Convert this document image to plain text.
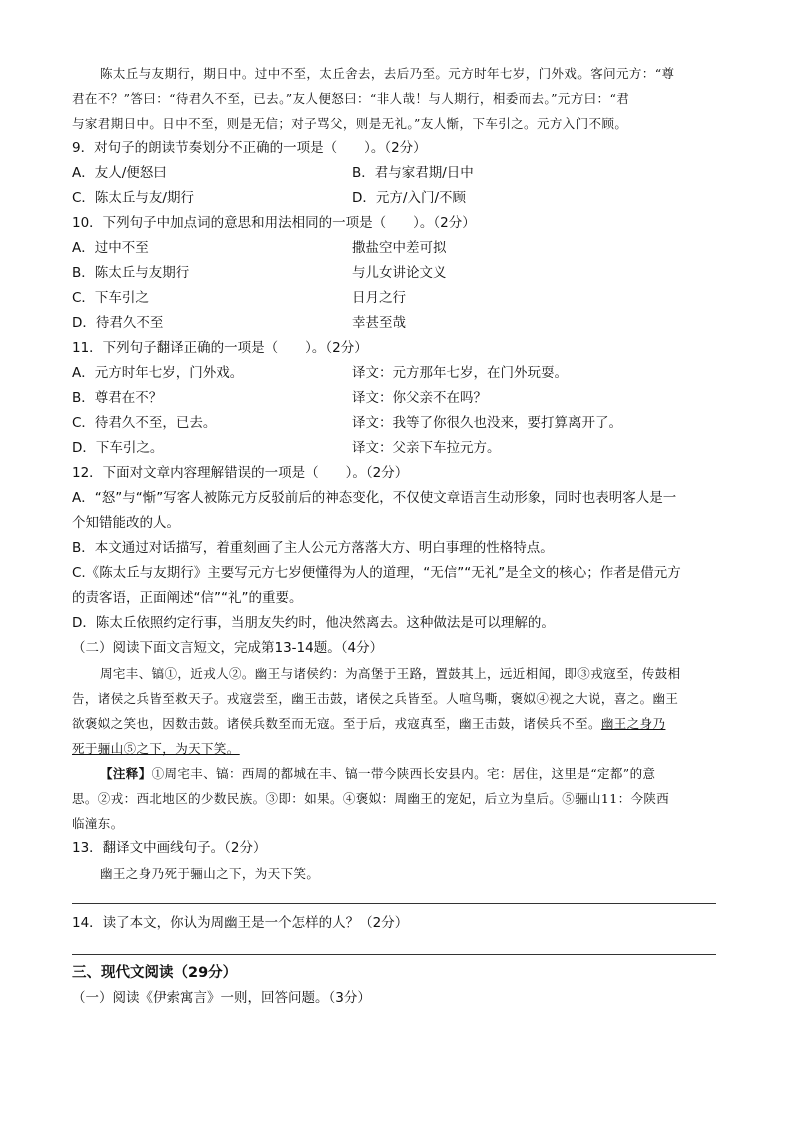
陈太丘与友期行，期日中。过中不至，太丘舍去，去后乃至。元方时年七岁，门外戏。客问元方：“尊
君在不？”答曰：“待君久不至，已去。”友人便怒曰：“非人哉！与人期行，相委而去。”元方曰：“君
与家君期日中。日中不至，则是无信；对子骂父，则是无礼。”友人惭，下车引之。元方入门不顾。
9．对句子的朗读节奏划分不正确的一项是（　　）。（2分）
A．友人/便怒曰	B．君与家君期/日中
C．陈太丘与友/期行	D．元方/入门/不顾
10．下列句子中加点词的意思和用法相同的一项是（　　）。（2分）
A．过中不至	撒盐空中差可拟
B．陈太丘与友期行	与儿女讲论文义
C．下车引之	日月之行
D．待君久不至	幸甚至哉
11．下列句子翻译正确的一项是（　　）。（2分）
A．元方时年七岁，门外戏。	译文：元方那年七岁，在门外玩耍。
B．尊君在不？	译文：你父亲不在吗？
C．待君久不至，已去。	译文：我等了你很久也没来，要打算离开了。
D．下车引之。	译文：父亲下车拉元方。
12．下面对文章内容理解错误的一项是（　　）。（2分）
A．“怒”与“惭”写客人被陈元方反驳前后的神态变化，不仅使文章语言生动形象，同时也表明客人是一
个知错能改的人。
B．本文通过对话描写，着重刻画了主人公元方落落大方、明白事理的性格特点。
C.《陈太丘与友期行》主要写元方七岁便懂得为人的道理，“无信”“无礼”是全文的核心；作者是借元方
的责客语，正面阐述“信”“礼”的重要。
D．陈太丘依照约定行事，当朋友失约时，他决然离去。这种做法是可以理解的。
（二）阅读下面文言短文，完成第13-14题。（4分）
周宅丰、镐①，近戎人②。幽王与诸侯约：为高堡于王路，置鼓其上，远近相闻，即③戎寇至，传鼓相
告，诸侯之兵皆至救天子。戎寇尝至，幽王击鼓，诸侯之兵皆至。人喧鸟嘶，褒姒④视之大说，喜之。幽王
欲褒姒之笑也，因数击鼓。诸侯兵数至而无寇。至于后，戎寇真至，幽王击鼓，诸侯兵不至。幽王之身乃
死于骊山⑤之下，为天下笑。
【注释】①周宅丰、镐：西周的都城在丰、镐一带今陕西长安县内。宅：居住，这里是“定都”的意
思。②戎：西北地区的少数民族。③即：如果。④褒姒：周幽王的宠妃，后立为皇后。⑤骊山11：今陕西
临潼东。
13．翻译文中画线句子。（2分）
幽王之身乃死于骊山之下，为天下笑。
14．读了本文，你认为周幽王是一个怎样的人？（2分）
三、现代文阅读（29分）
（一）阅读《伊索寓言》一则，回答问题。（3分）
